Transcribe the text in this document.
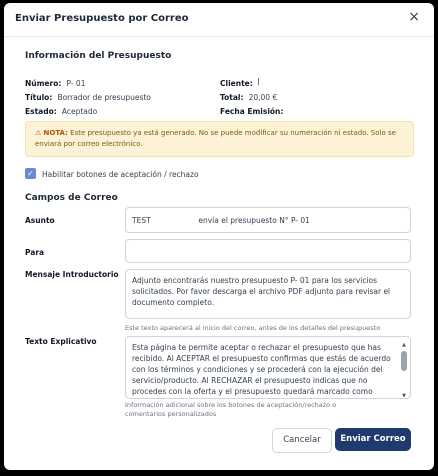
Enviar Presupuesto por Correo	×
Información del Presupuesto
Número: P- 01
Título: Borrador de presupuesto
Estado: Aceptado
Cliente:
Total: 20,00 €
Fecha Emisión:
⚠ NOTA: Este presupuesto ya está generado. No se puede modificar su numeración ni estado. Solo se enviará por correo electrónico.
✓ Habilitar botones de aceptación / rechazo
Campos de Correo
Asunto	TEST                    envía el presupuesto N° P- 01
Para
Mensaje Introductorio
Adjunto encontrarás nuestro presupuesto P- 01 para los servicios solicitados. Por favor descarga el archivo PDF adjunto para revisar el documento completo.
Este texto aparecerá al inicio del correo, antes de los detalles del presupuesto
Texto Explicativo
Esta página te permite aceptar o rechazar el presupuesto que has recibido. Al ACEPTAR el presupuesto confirmas que estás de acuerdo con los términos y condiciones y se procederá con la ejecución del servicio/producto. Al RECHAZAR el presupuesto indicas que no procedes con la oferta y el presupuesto quedará marcado como
▲
▼
Información adicional sobre los botones de aceptación/rechazo o comentarios personalizados
Cancelar	Enviar Correo
